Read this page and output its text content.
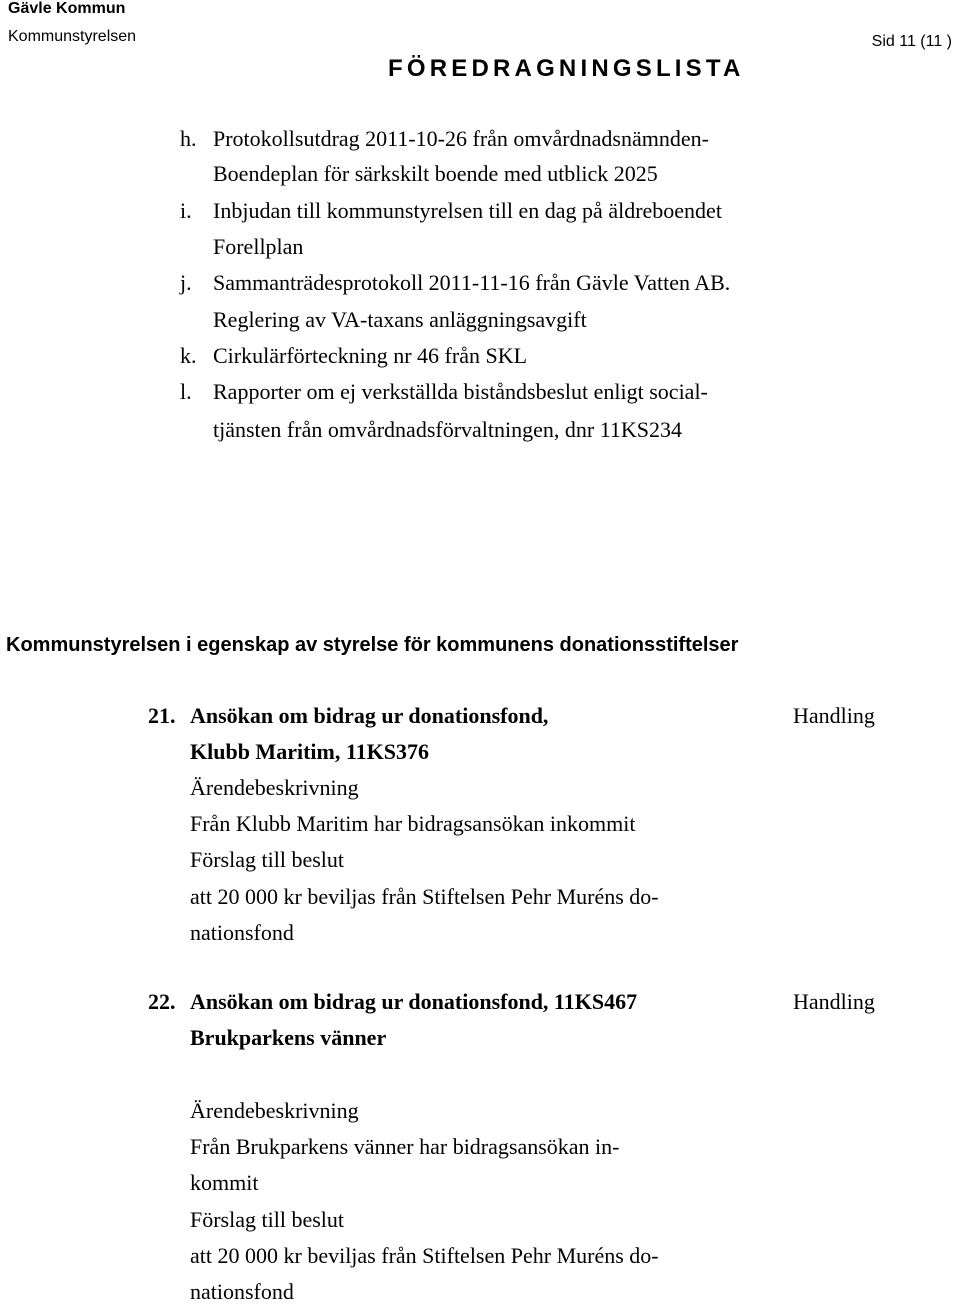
Gävle Kommun
Kommunstyrelsen	Sid 11 (11 )
FÖREDRAGNINGSLISTA
h. Protokollsutdrag 2011-10-26 från omvårdnadsnämnden-
Boendeplan för särkskilt boende med utblick 2025
i. Inbjudan till kommunstyrelsen till en dag på äldreboendet
Forellplan
j. Sammanträdesprotokoll 2011-11-16 från Gävle Vatten AB.
Reglering av VA-taxans anläggningsavgift
k. Cirkulärförteckning nr 46 från SKL
l. Rapporter om ej verkställda biståndsbeslut enligt social-
tjänsten från omvårdnadsförvaltningen, dnr 11KS234
Kommunstyrelsen i egenskap av styrelse för kommunens donationsstiftelser
21. Ansökan om bidrag ur donationsfond,	Handling
Klubb Maritim, 11KS376
Ärendebeskrivning
Från Klubb Maritim har bidragsansökan inkommit
Förslag till beslut
att 20 000 kr beviljas från Stiftelsen Pehr Muréns do-
nationsfond
22. Ansökan om bidrag ur donationsfond, 11KS467	Handling
Brukparkens vänner
Ärendebeskrivning
Från Brukparkens vänner har bidragsansökan in-
kommit
Förslag till beslut
att 20 000 kr beviljas från Stiftelsen Pehr Muréns do-
nationsfond
